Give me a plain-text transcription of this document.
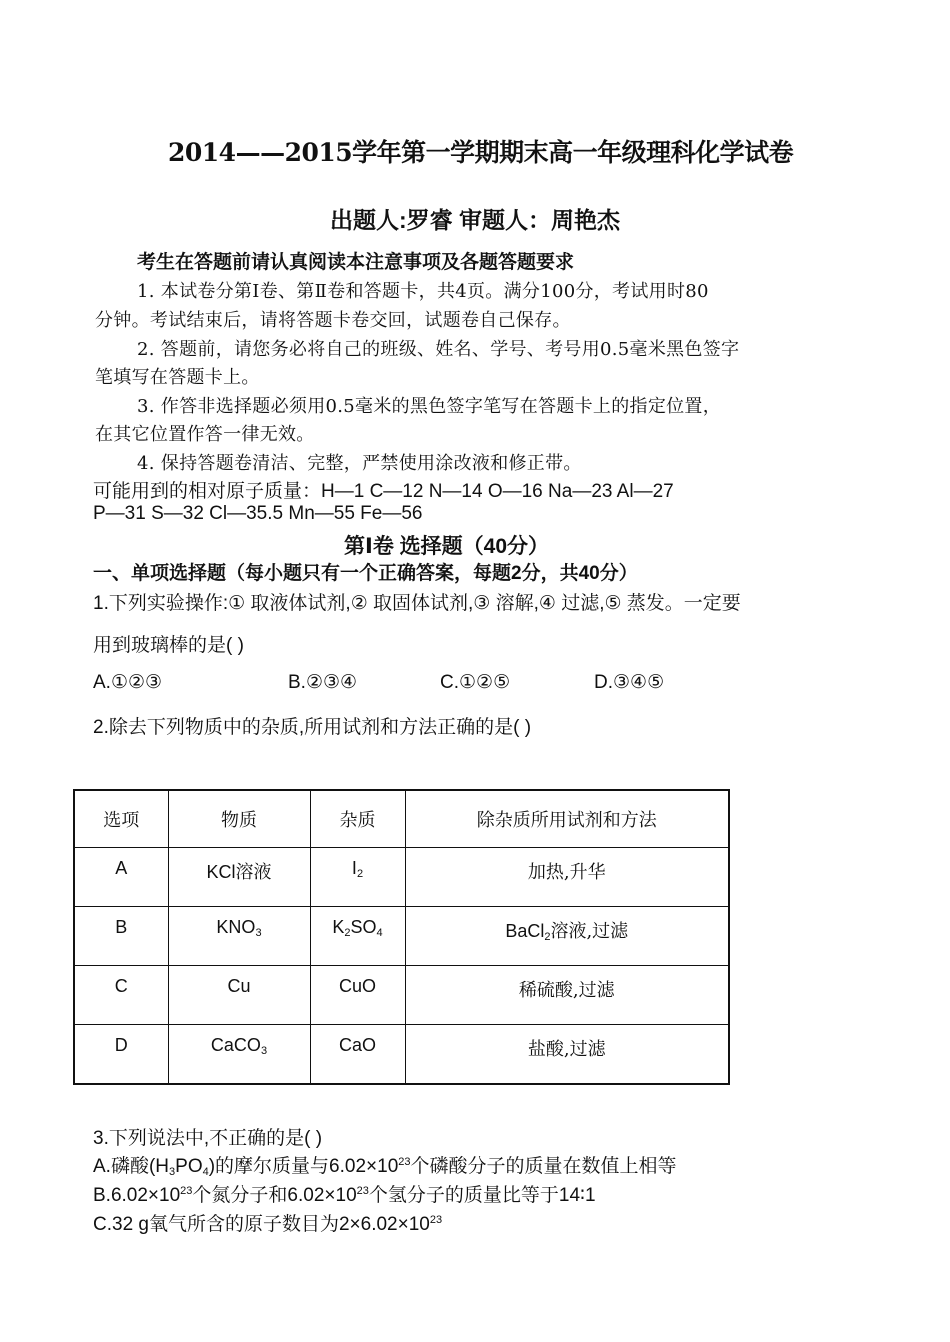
2014——2015学年第一学期期末高一年级理科化学试卷
出题人:罗睿 审题人：周艳杰
考生在答题前请认真阅读本注意事项及各题答题要求
1. 本试卷分第Ⅰ卷、第Ⅱ卷和答题卡，共4页。满分100分，考试用时80
分钟。考试结束后，请将答题卡卷交回，试题卷自己保存。
2. 答题前，请您务必将自己的班级、姓名、学号、考号用0.5毫米黑色签字
笔填写在答题卡上。
3. 作答非选择题必须用0.5毫米的黑色签字笔写在答题卡上的指定位置，
在其它位置作答一律无效。
4. 保持答题卷清洁、完整，严禁使用涂改液和修正带。
可能用到的相对原子质量：H—1 C—12 N—14 O—16 Na—23 Al—27
P—31 S—32 Cl—35.5 Mn—55 Fe—56
第Ⅰ卷 选择题（40分）
一、单项选择题（每小题只有一个正确答案，每题2分，共40分）
1.下列实验操作:① 取液体试剂,② 取固体试剂,③ 溶解,④ 过滤,⑤ 蒸发。一定要
用到玻璃棒的是( )
A.①②③	B.②③④	C.①②⑤	D.③④⑤
2.除去下列物质中的杂质,所用试剂和方法正确的是( )
选项	物质	杂质	除杂质所用试剂和方法
A	KCl溶液	$I_2$	加热,升华
B	$KNO_3$	$K_2SO_4$	BaCl$_2$溶液,过滤
C	Cu	CuO	稀硫酸,过滤
D	CaCO$_3$	CaO	盐酸,过滤
3.下列说法中,不正确的是( )
A.磷酸$(H_3PO_4)$的摩尔质量与$6.02\times 10^{23}$个磷酸分子的质量在数值上相等
$B.6.02\times 10^{23}$个氮分子和$6.02\times 10^{23}$个氢分子的质量比等于14∶1
C.32 g氧气所含的原子数目为$2\times 6.02\times 10^{23}$
